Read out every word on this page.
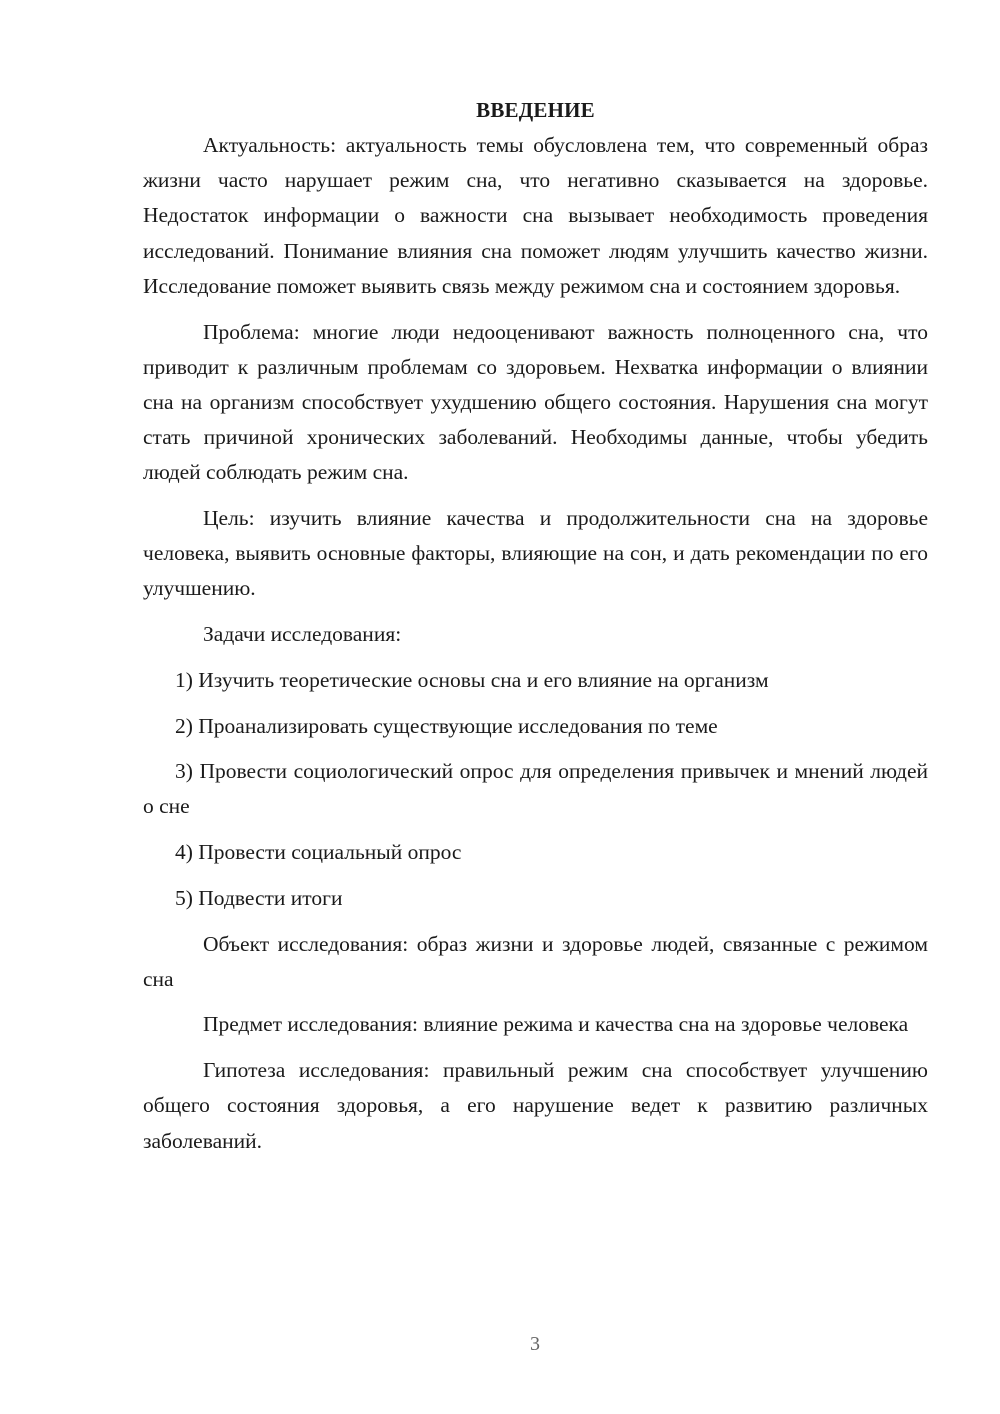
ВВЕДЕНИЕ

Актуальность: актуальность темы обусловлена тем, что современный образ жизни часто нарушает режим сна, что негативно сказывается на здоровье. Недостаток информации о важности сна вызывает необходимость проведения исследований. Понимание влияния сна поможет людям улучшить качество жизни. Исследование поможет выявить связь между режимом сна и состоянием здоровья.

Проблема: многие люди недооценивают важность полноценного сна, что приводит к различным проблемам со здоровьем. Нехватка информации о влиянии сна на организм способствует ухудшению общего состояния. Нарушения сна могут стать причиной хронических заболеваний. Необходимы данные, чтобы убедить людей соблюдать режим сна.

Цель: изучить влияние качества и продолжительности сна на здоровье человека, выявить основные факторы, влияющие на сон, и дать рекомендации по его улучшению.

Задачи исследования:

1) Изучить теоретические основы сна и его влияние на организм

2) Проанализировать существующие исследования по теме

3) Провести социологический опрос для определения привычек и мнений людей о сне

4) Провести социальный опрос

5) Подвести итоги

Объект исследования: образ жизни и здоровье людей, связанные с режимом сна

Предмет исследования: влияние режима и качества сна на здоровье человека

Гипотеза исследования: правильный режим сна способствует улучшению общего состояния здоровья, а его нарушение ведет к развитию различных заболеваний.

3
